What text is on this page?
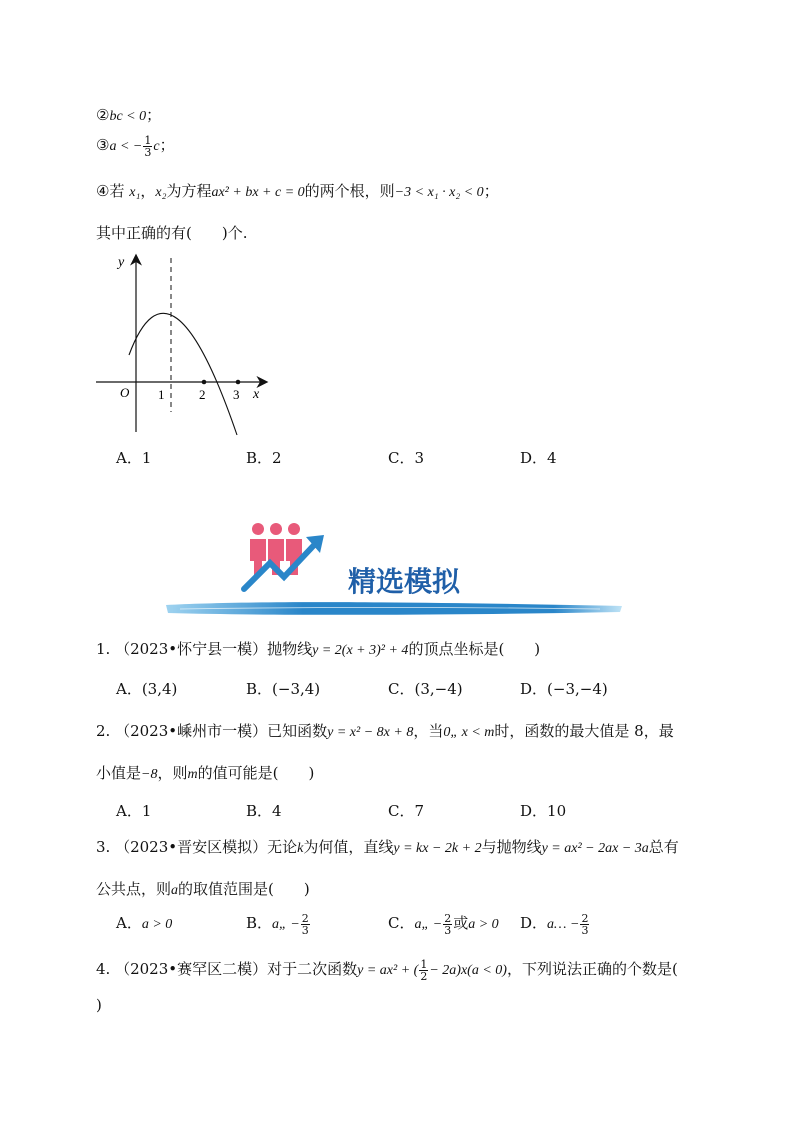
②bc < 0；
③a < − $\frac{1}{3}$ c；
④若 x₁，x₂为方程ax² + bx + c = 0的两个根，则−3 < x₁ · x₂ < 0；
其中正确的有(　　)个.
y
x
O 1	2 3
A．1	B．2	C．3	D．4
精选模拟
1. （2023•怀宁县一模）抛物线y = 2(x + 3)² + 4的顶点坐标是(　　)
A．(3,4)	B．(−3,4)	C．(3,−4)	D．(−3,−4)
2. （2023•嵊州市一模）已知函数y = x² − 8x + 8，当0„ x < m时，函数的最大值是 8，最
小值是−8，则m的值可能是(　　)
A．1	B．4	C．7	D．10
3. （2023•晋安区模拟）无论k为何值，直线y = kx − 2k + 2与抛物线y = ax² − 2ax − 3a总有
公共点，则a的取值范围是(　　)
A．a > 0	B．a„ − $\frac{2}{3}$	C．a„ − $\frac{2}{3}$ 或a > 0 D．a… − $\frac{2}{3}$
4. （2023•赛罕区二模）对于二次函数y = ax² + ( $\frac{1}{2} - 2a)x(a < 0)$，下列说法正确的个数是(
)
